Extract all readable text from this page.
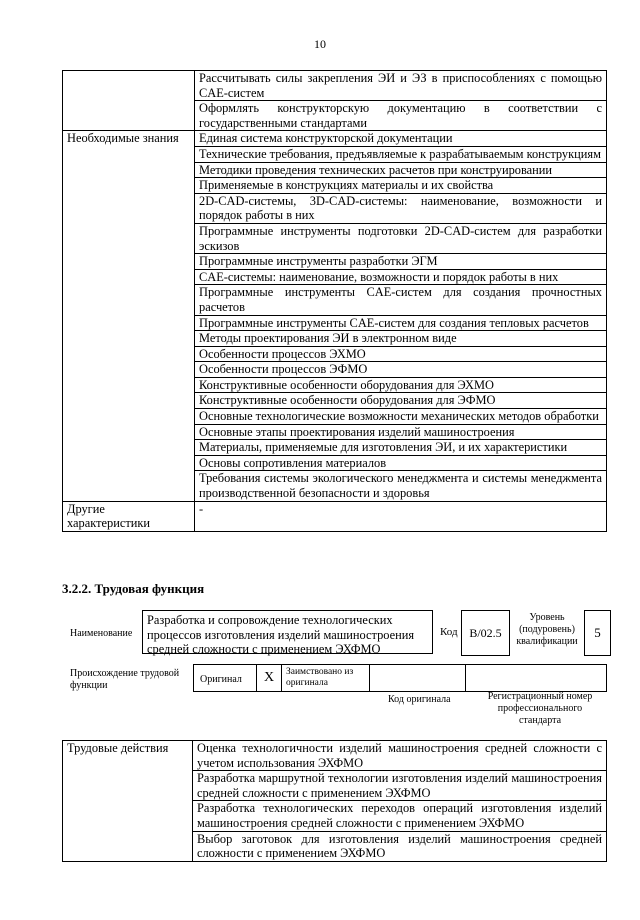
10
	Рассчитывать силы закрепления ЭИ и ЭЗ в приспособлениях с помощью CAE-систем
	Оформлять конструкторскую документацию в соответствии с государственными стандартами
Необходимые знания	Единая система конструкторской документации
	Технические требования, предъявляемые к разрабатываемым конструкциям
	Методики проведения технических расчетов при конструировании
	Применяемые в конструкциях материалы и их свойства
	2D-CAD-системы, 3D-CAD-системы: наименование, возможности и порядок работы в них
	Программные инструменты подготовки 2D-CAD-систем для разработки эскизов
	Программные инструменты разработки ЭГМ
	CAE-системы: наименование, возможности и порядок работы в них
	Программные инструменты CAE-систем для создания прочностных расчетов
	Программные инструменты CAE-систем для создания тепловых расчетов
	Методы проектирования ЭИ в электронном виде
	Особенности процессов ЭХМО
	Особенности процессов ЭФМО
	Конструктивные особенности оборудования для ЭХМО
	Конструктивные особенности оборудования для ЭФМО
	Основные технологические возможности механических методов обработки
	Основные этапы проектирования изделий машиностроения
	Материалы, применяемые для изготовления ЭИ, и их характеристики
	Основы сопротивления материалов
	Требования системы экологического менеджмента и системы менеджмента производственной безопасности и здоровья
Другие характеристики	-
3.2.2. Трудовая функция
Наименование
Разработка и сопровождение технологических процессов изготовления изделий машиностроения средней сложности с применением ЭХФМО
Код B/02.5
Уровень (подуровень) квалификации
5
Происхождение трудовой функции
Оригинал	X	Заимствовано из оригинала
Код оригинала	Регистрационный номер профессионального стандарта
Трудовые действия	Оценка технологичности изделий машиностроения средней сложности с учетом использования ЭХФМО
Разработка маршрутной технологии изготовления изделий машиностроения средней сложности с применением ЭХФМО
Разработка технологических переходов операций изготовления изделий машиностроения средней сложности с применением ЭХФМО
Выбор заготовок для изготовления изделий машиностроения средней сложности с применением ЭХФМО
